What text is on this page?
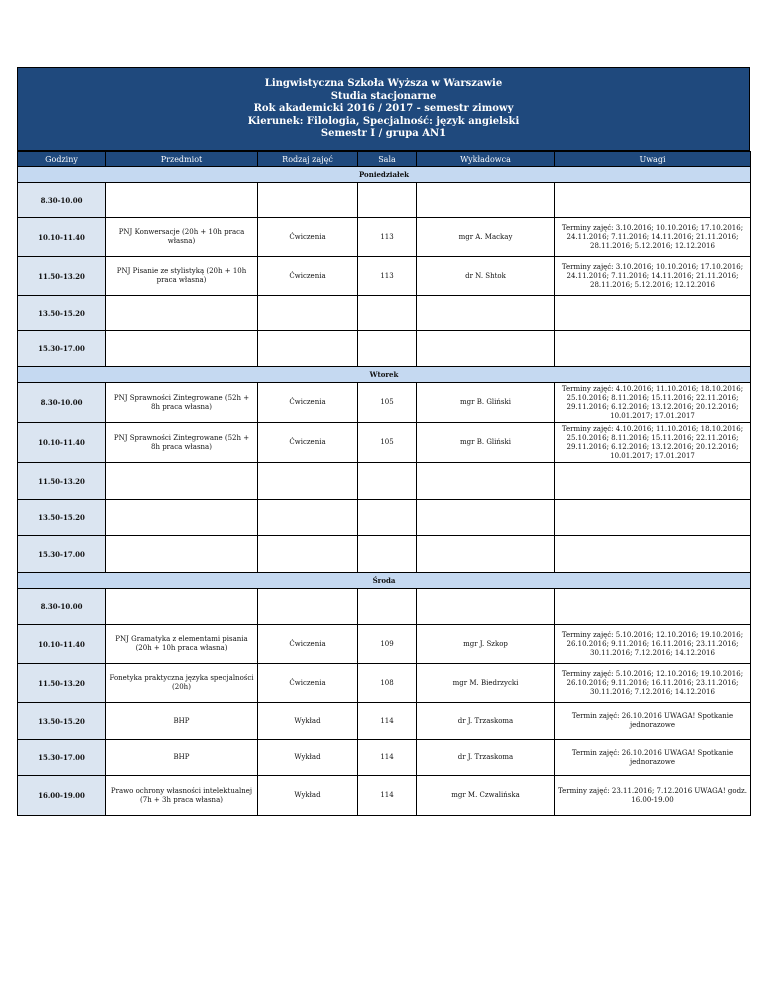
Lingwistyczna Szkoła Wyższa w Warszawie
Studia stacjonarne
Rok akademicki 2016 / 2017 - semestr zimowy
Kierunek: Filologia, Specjalność: język angielski
Semestr I / grupa AN1
Godziny	Przedmiot	Rodzaj zajęć	Sala	Wykładowca	Uwagi
Poniedziałek					
8.30-10.00					
10.10-11.40	PNJ Konwersacje (20h + 10h praca własna)	Ćwiczenia	113	mgr A. Mackay	Terminy zajęć: 3.10.2016; 10.10.2016; 17.10.2016; 24.11.2016; 7.11.2016; 14.11.2016; 21.11.2016; 28.11.2016; 5.12.2016; 12.12.2016
11.50-13.20	PNJ Pisanie ze stylistyką (20h + 10h praca własna)	Ćwiczenia	113	dr N. Shtok	Terminy zajęć: 3.10.2016; 10.10.2016; 17.10.2016; 24.11.2016; 7.11.2016; 14.11.2016; 21.11.2016; 28.11.2016; 5.12.2016; 12.12.2016
13.50-15.20					
15.30-17.00					
Wtorek					
8.30-10.00	PNJ Sprawności Zintegrowane (52h + 8h praca własna)	Ćwiczenia	105	mgr B. Gliński	Terminy zajęć: 4.10.2016; 11.10.2016; 18.10.2016; 25.10.2016; 8.11.2016; 15.11.2016; 22.11.2016; 29.11.2016; 6.12.2016; 13.12.2016; 20.12.2016; 10.01.2017; 17.01.2017
10.10-11.40	PNJ Sprawności Zintegrowane (52h + 8h praca własna)	Ćwiczenia	105	mgr B. Gliński	Terminy zajęć: 4.10.2016; 11.10.2016; 18.10.2016; 25.10.2016; 8.11.2016; 15.11.2016; 22.11.2016; 29.11.2016; 6.12.2016; 13.12.2016; 20.12.2016; 10.01.2017; 17.01.2017
11.50-13.20					
13.50-15.20					
15.30-17.00					
Środa					
8.30-10.00					
10.10-11.40	PNJ Gramatyka z elementami pisania (20h + 10h praca własna)	Ćwiczenia	109	mgr J. Szkop	Terminy zajęć: 5.10.2016; 12.10.2016; 19.10.2016; 26.10.2016; 9.11.2016; 16.11.2016; 23.11.2016; 30.11.2016; 7.12.2016; 14.12.2016
11.50-13.20	Fonetyka praktyczna języka specjalności (20h)	Ćwiczenia	108	mgr M. Biedrzycki	Terminy zajęć: 5.10.2016; 12.10.2016; 19.10.2016; 26.10.2016; 9.11.2016; 16.11.2016; 23.11.2016; 30.11.2016; 7.12.2016; 14.12.2016
13.50-15.20	BHP	Wykład	114	dr J. Trzaskoma	Termin zajęć: 26.10.2016 UWAGA! Spotkanie jednorazowe
15.30-17.00	BHP	Wykład	114	dr J. Trzaskoma	Termin zajęć: 26.10.2016 UWAGA! Spotkanie jednorazowe
16.00-19.00	Prawo ochrony własności intelektualnej (7h + 3h praca własna)	Wykład	114	mgr M. Czwalińska	Terminy zajęć: 23.11.2016; 7.12.2016 UWAGA! godz. 16.00-19.00
